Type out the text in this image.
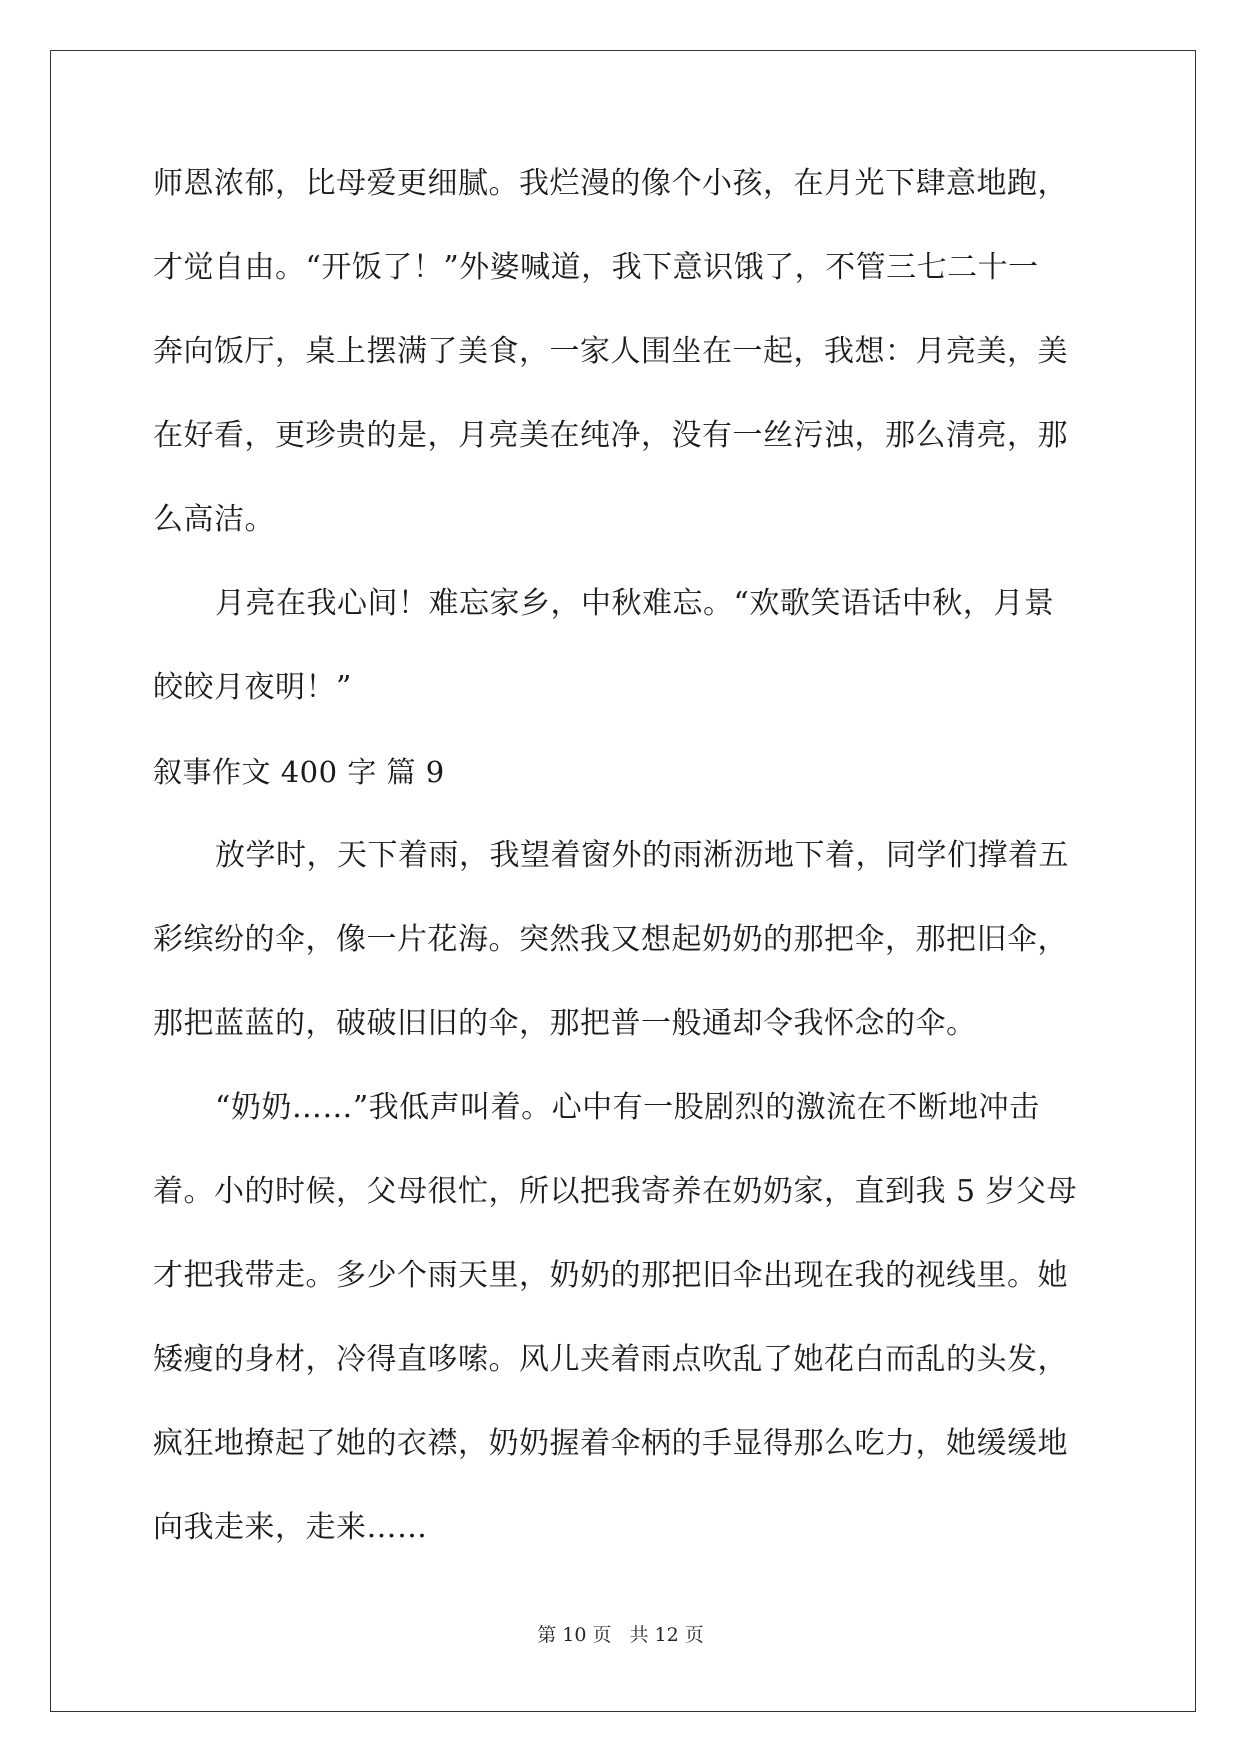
师恩浓郁，比母爱更细腻。我烂漫的像个小孩，在月光下肆意地跑，
才觉自由。“开饭了！”外婆喊道，我下意识饿了，不管三七二十一
奔向饭厅，桌上摆满了美食，一家人围坐在一起，我想：月亮美，美
在好看，更珍贵的是，月亮美在纯净，没有一丝污浊，那么清亮，那
么高洁。
月亮在我心间！难忘家乡，中秋难忘。“欢歌笑语话中秋，月景
皎皎月夜明！”
叙事作文 400 字 篇 9
放学时，天下着雨，我望着窗外的雨淅沥地下着，同学们撑着五
彩缤纷的伞，像一片花海。突然我又想起奶奶的那把伞，那把旧伞，
那把蓝蓝的，破破旧旧的伞，那把普一般通却令我怀念的伞。
“奶奶……”我低声叫着。心中有一股剧烈的激流在不断地冲击
着。小的时候，父母很忙，所以把我寄养在奶奶家，直到我 5 岁父母
才把我带走。多少个雨天里，奶奶的那把旧伞出现在我的视线里。她
矮瘦的身材，冷得直哆嗦。风儿夹着雨点吹乱了她花白而乱的头发，
疯狂地撩起了她的衣襟，奶奶握着伞柄的手显得那么吃力，她缓缓地
向我走来，走来……
第 10 页 共 12 页
